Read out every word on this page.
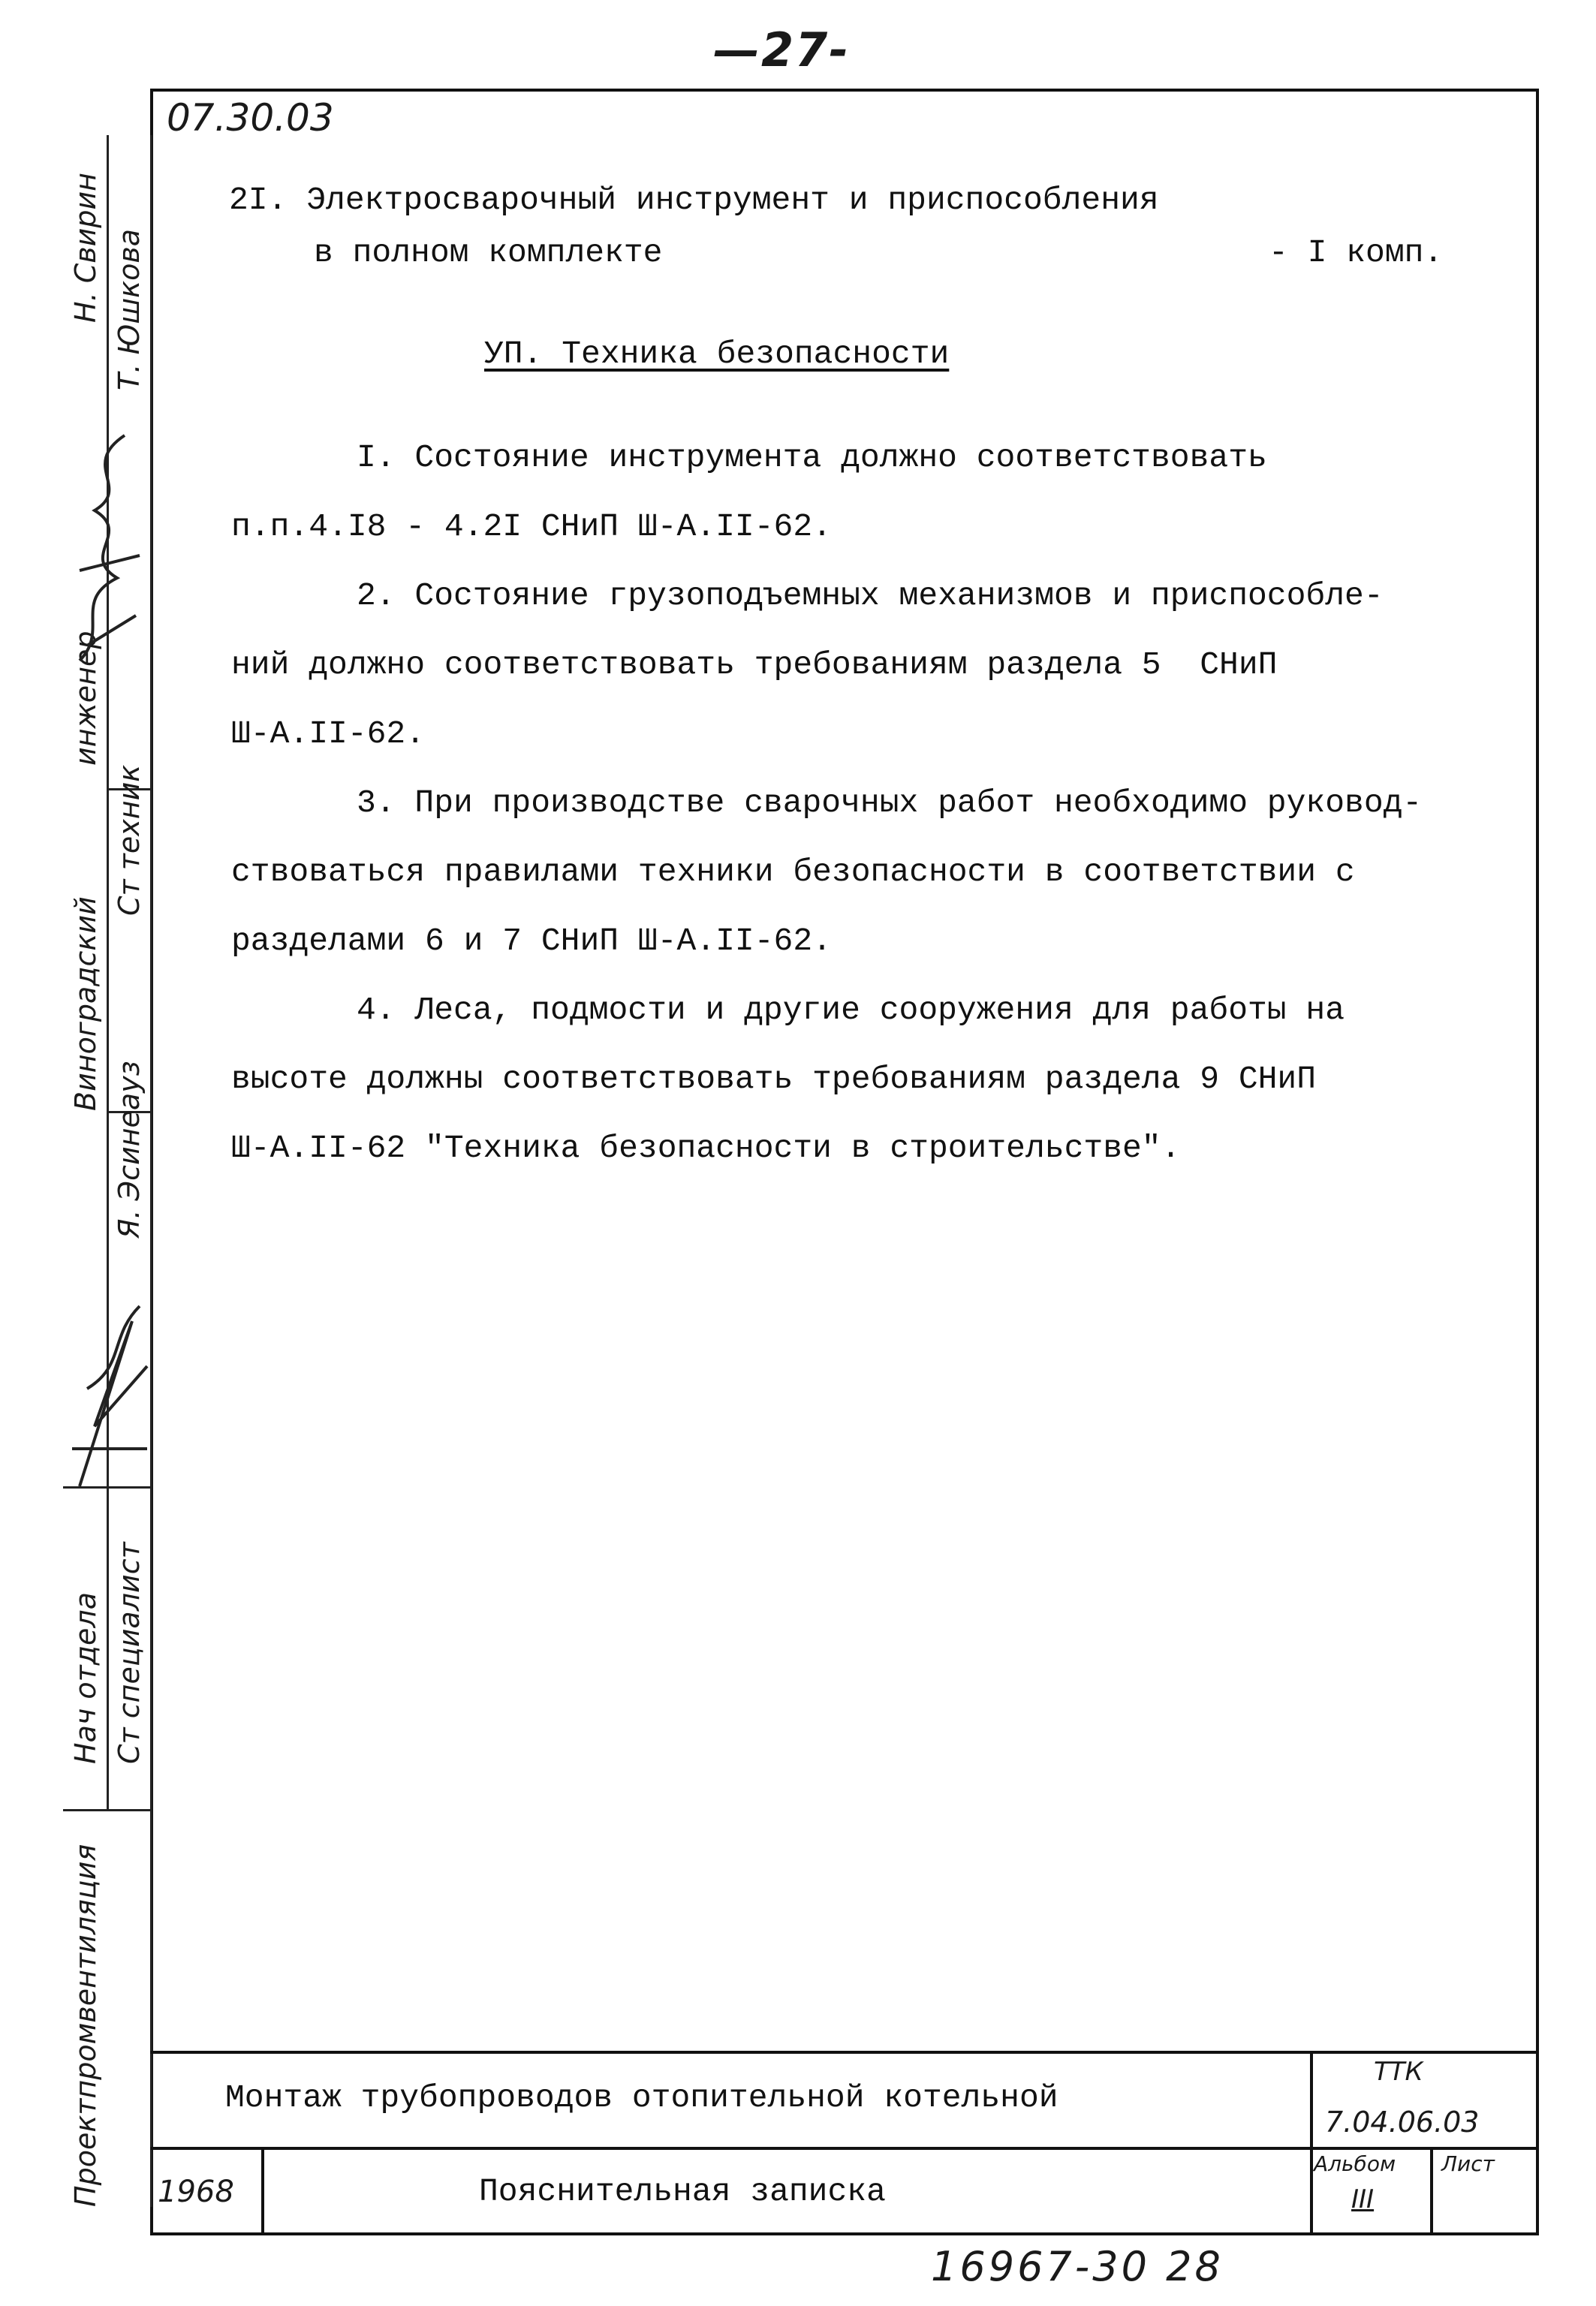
—27-
07.30.03
2I. Электросварочный инструмент и приспособления
в полном комплекте	- I комп.
УП. Техника безопасности
I. Состояние инструмента должно соответствовать
п.п.4.I8 - 4.2I СНиП Ш-А.II-62.
2. Состояние грузоподъемных механизмов и приспособле-
ний должно соответствовать требованиям раздела 5  СНиП
Ш-А.II-62.
3. При производстве сварочных работ необходимо руковод-
ствоваться правилами техники безопасности в соответствии с
разделами 6 и 7 СНиП Ш-А.II-62.
4. Леса, подмости и другие сооружения для работы на
высоте должны соответствовать требованиям раздела 9 СНиП
Ш-А.II-62 "Техника безопасности в строительстве".
Т. Юшкова
Ст техник
Я. Эсинеауз
Ст специалист
Н. Свирин
инженер
Виноградский
Нач отдела
Проектпромвентиляция	Монтаж трубопроводов отопительной котельной
Пояснительная записка
1968
ТТК
7.04.06.03
Альбом
III
Лист
16967-30 28
